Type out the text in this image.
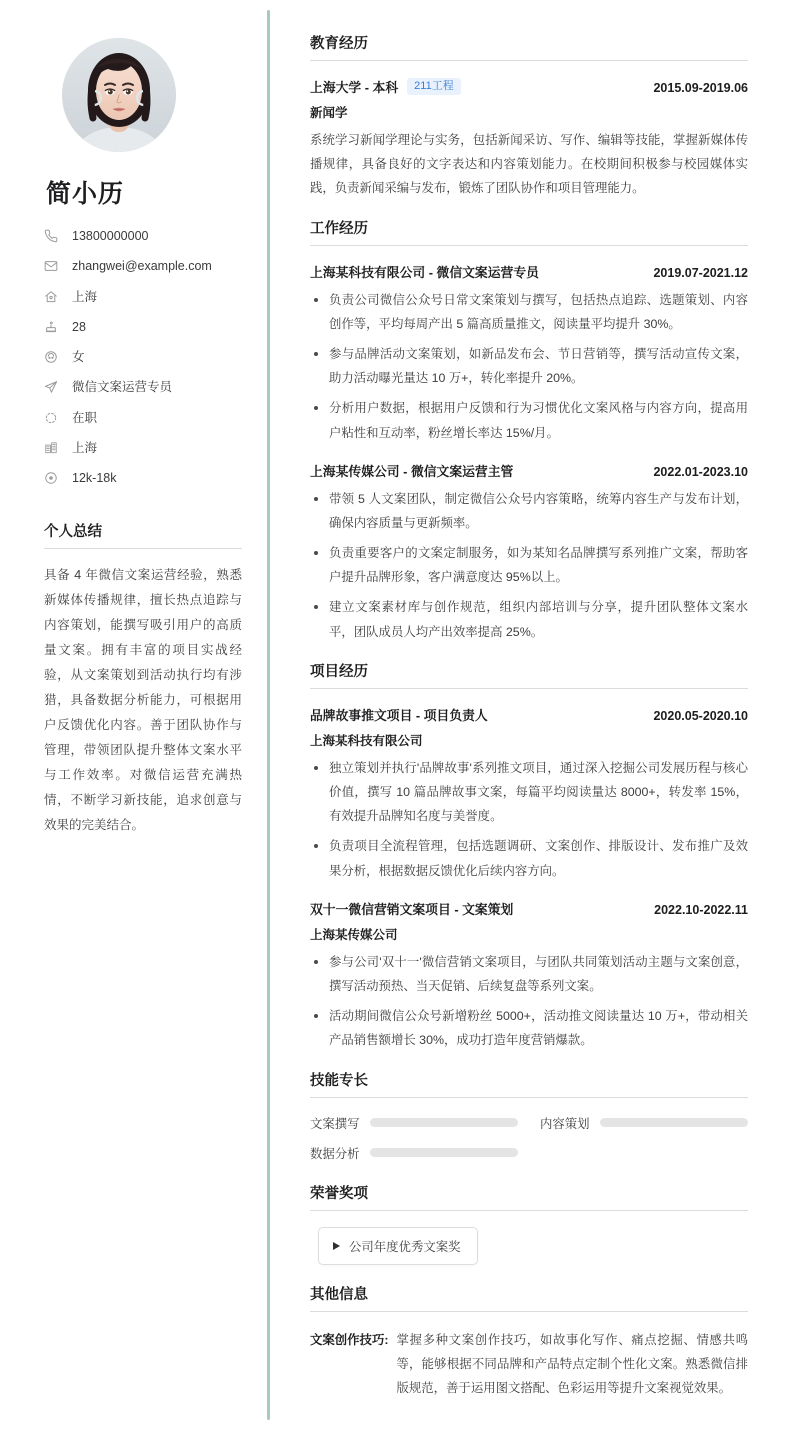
简小历
13800000000
zhangwei@example.com
上海
28
女
微信文案运营专员
在职
上海
12k-18k
个人总结

具备 4 年微信文案运营经验，熟悉新媒体传播规律，擅长热点追踪与内容策划，能撰写吸引用户的高质量文案。拥有丰富的项目实战经验，从文案策划到活动执行均有涉猎，具备数据分析能力，可根据用户反馈优化内容。善于团队协作与管理，带领团队提升整体文案水平与工作效率。对微信运营充满热情，不断学习新技能，追求创意与效果的完美结合。

教育经历
上海大学 - 本科	211工程	2015.09-2019.06
新闻学

系统学习新闻学理论与实务，包括新闻采访、写作、编辑等技能，掌握新媒体传播规律，具备良好的文字表达和内容策划能力。在校期间积极参与校园媒体实践，负责新闻采编与发布，锻炼了团队协作和项目管理能力。

工作经历
上海某科技有限公司 - 微信文案运营专员	2019.07-2021.12
负责公司微信公众号日常文案策划与撰写，包括热点追踪、选题策划、内容创作等，平均每周产出 5 篇高质量推文，阅读量平均提升 30%。
参与品牌活动文案策划，如新品发布会、节日营销等，撰写活动宣传文案，助力活动曝光量达 10 万+，转化率提升 20%。
分析用户数据，根据用户反馈和行为习惯优化文案风格与内容方向，提高用户粘性和互动率，粉丝增长率达 15%/月。
上海某传媒公司 - 微信文案运营主管	2022.01-2023.10
带领 5 人文案团队，制定微信公众号内容策略，统筹内容生产与发布计划，确保内容质量与更新频率。
负责重要客户的文案定制服务，如为某知名品牌撰写系列推广文案，帮助客户提升品牌形象，客户满意度达 95%以上。
建立文案素材库与创作规范，组织内部培训与分享，提升团队整体文案水平，团队成员人均产出效率提高 25%。
项目经历
品牌故事推文项目 - 项目负责人	2020.05-2020.10
上海某科技有限公司
独立策划并执行'品牌故事'系列推文项目，通过深入挖掘公司发展历程与核心价值，撰写 10 篇品牌故事文案，每篇平均阅读量达 8000+，转发率 15%，有效提升品牌知名度与美誉度。
负责项目全流程管理，包括选题调研、文案创作、排版设计、发布推广及效果分析，根据数据反馈优化后续内容方向。
双十一微信营销文案项目 - 文案策划	2022.10-2022.11
上海某传媒公司
参与公司'双十一'微信营销文案项目，与团队共同策划活动主题与文案创意，撰写活动预热、当天促销、后续复盘等系列文案。
活动期间微信公众号新增粉丝 5000+，活动推文阅读量达 10 万+，带动相关产品销售额增长 30%，成功打造年度营销爆款。
技能专长
文案撰写	内容策划
数据分析
荣誉奖项
公司年度优秀文案奖
其他信息
文案创作技巧: 掌握多种文案创作技巧，如故事化写作、痛点挖掘、情感共鸣等，能够根据不同品牌和产品特点定制个性化文案。熟悉微信排版规范，善于运用图文搭配、色彩运用等提升文案视觉效果。
